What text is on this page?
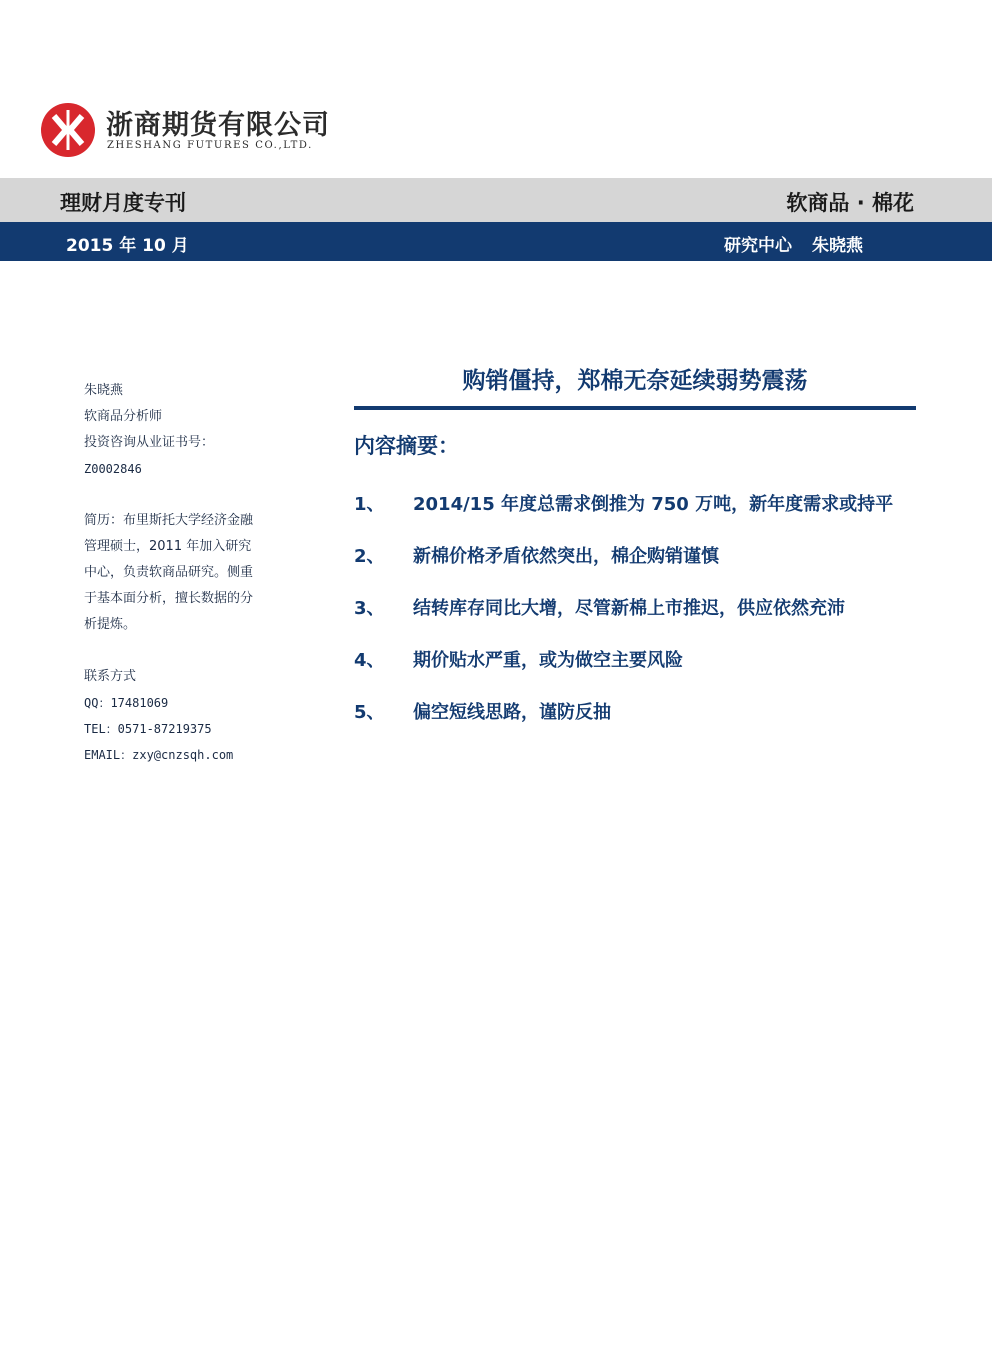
浙商期货有限公司
ZHESHANG FUTURES CO.,LTD.
理财月度专刊	软商品 · 棉花
2015 年 10 月	研究中心 朱晓燕
朱晓燕
软商品分析师
投资咨询从业证书号：
Z0002846
简历：布里斯托大学经济金融
管理硕士，2011 年加入研究
中心，负责软商品研究。侧重
于基本面分析，擅长数据的分
析提炼。
联系方式
QQ：17481069
TEL：0571-87219375
EMAIL：zxy@cnzsqh.com
购销僵持，郑棉无奈延续弱势震荡
内容摘要：
1、 2014/15 年度总需求倒推为 750 万吨，新年度需求或持平
2、 新棉价格矛盾依然突出，棉企购销谨慎
3、 结转库存同比大增，尽管新棉上市推迟，供应依然充沛
4、 期价贴水严重，或为做空主要风险
5、 偏空短线思路，谨防反抽
